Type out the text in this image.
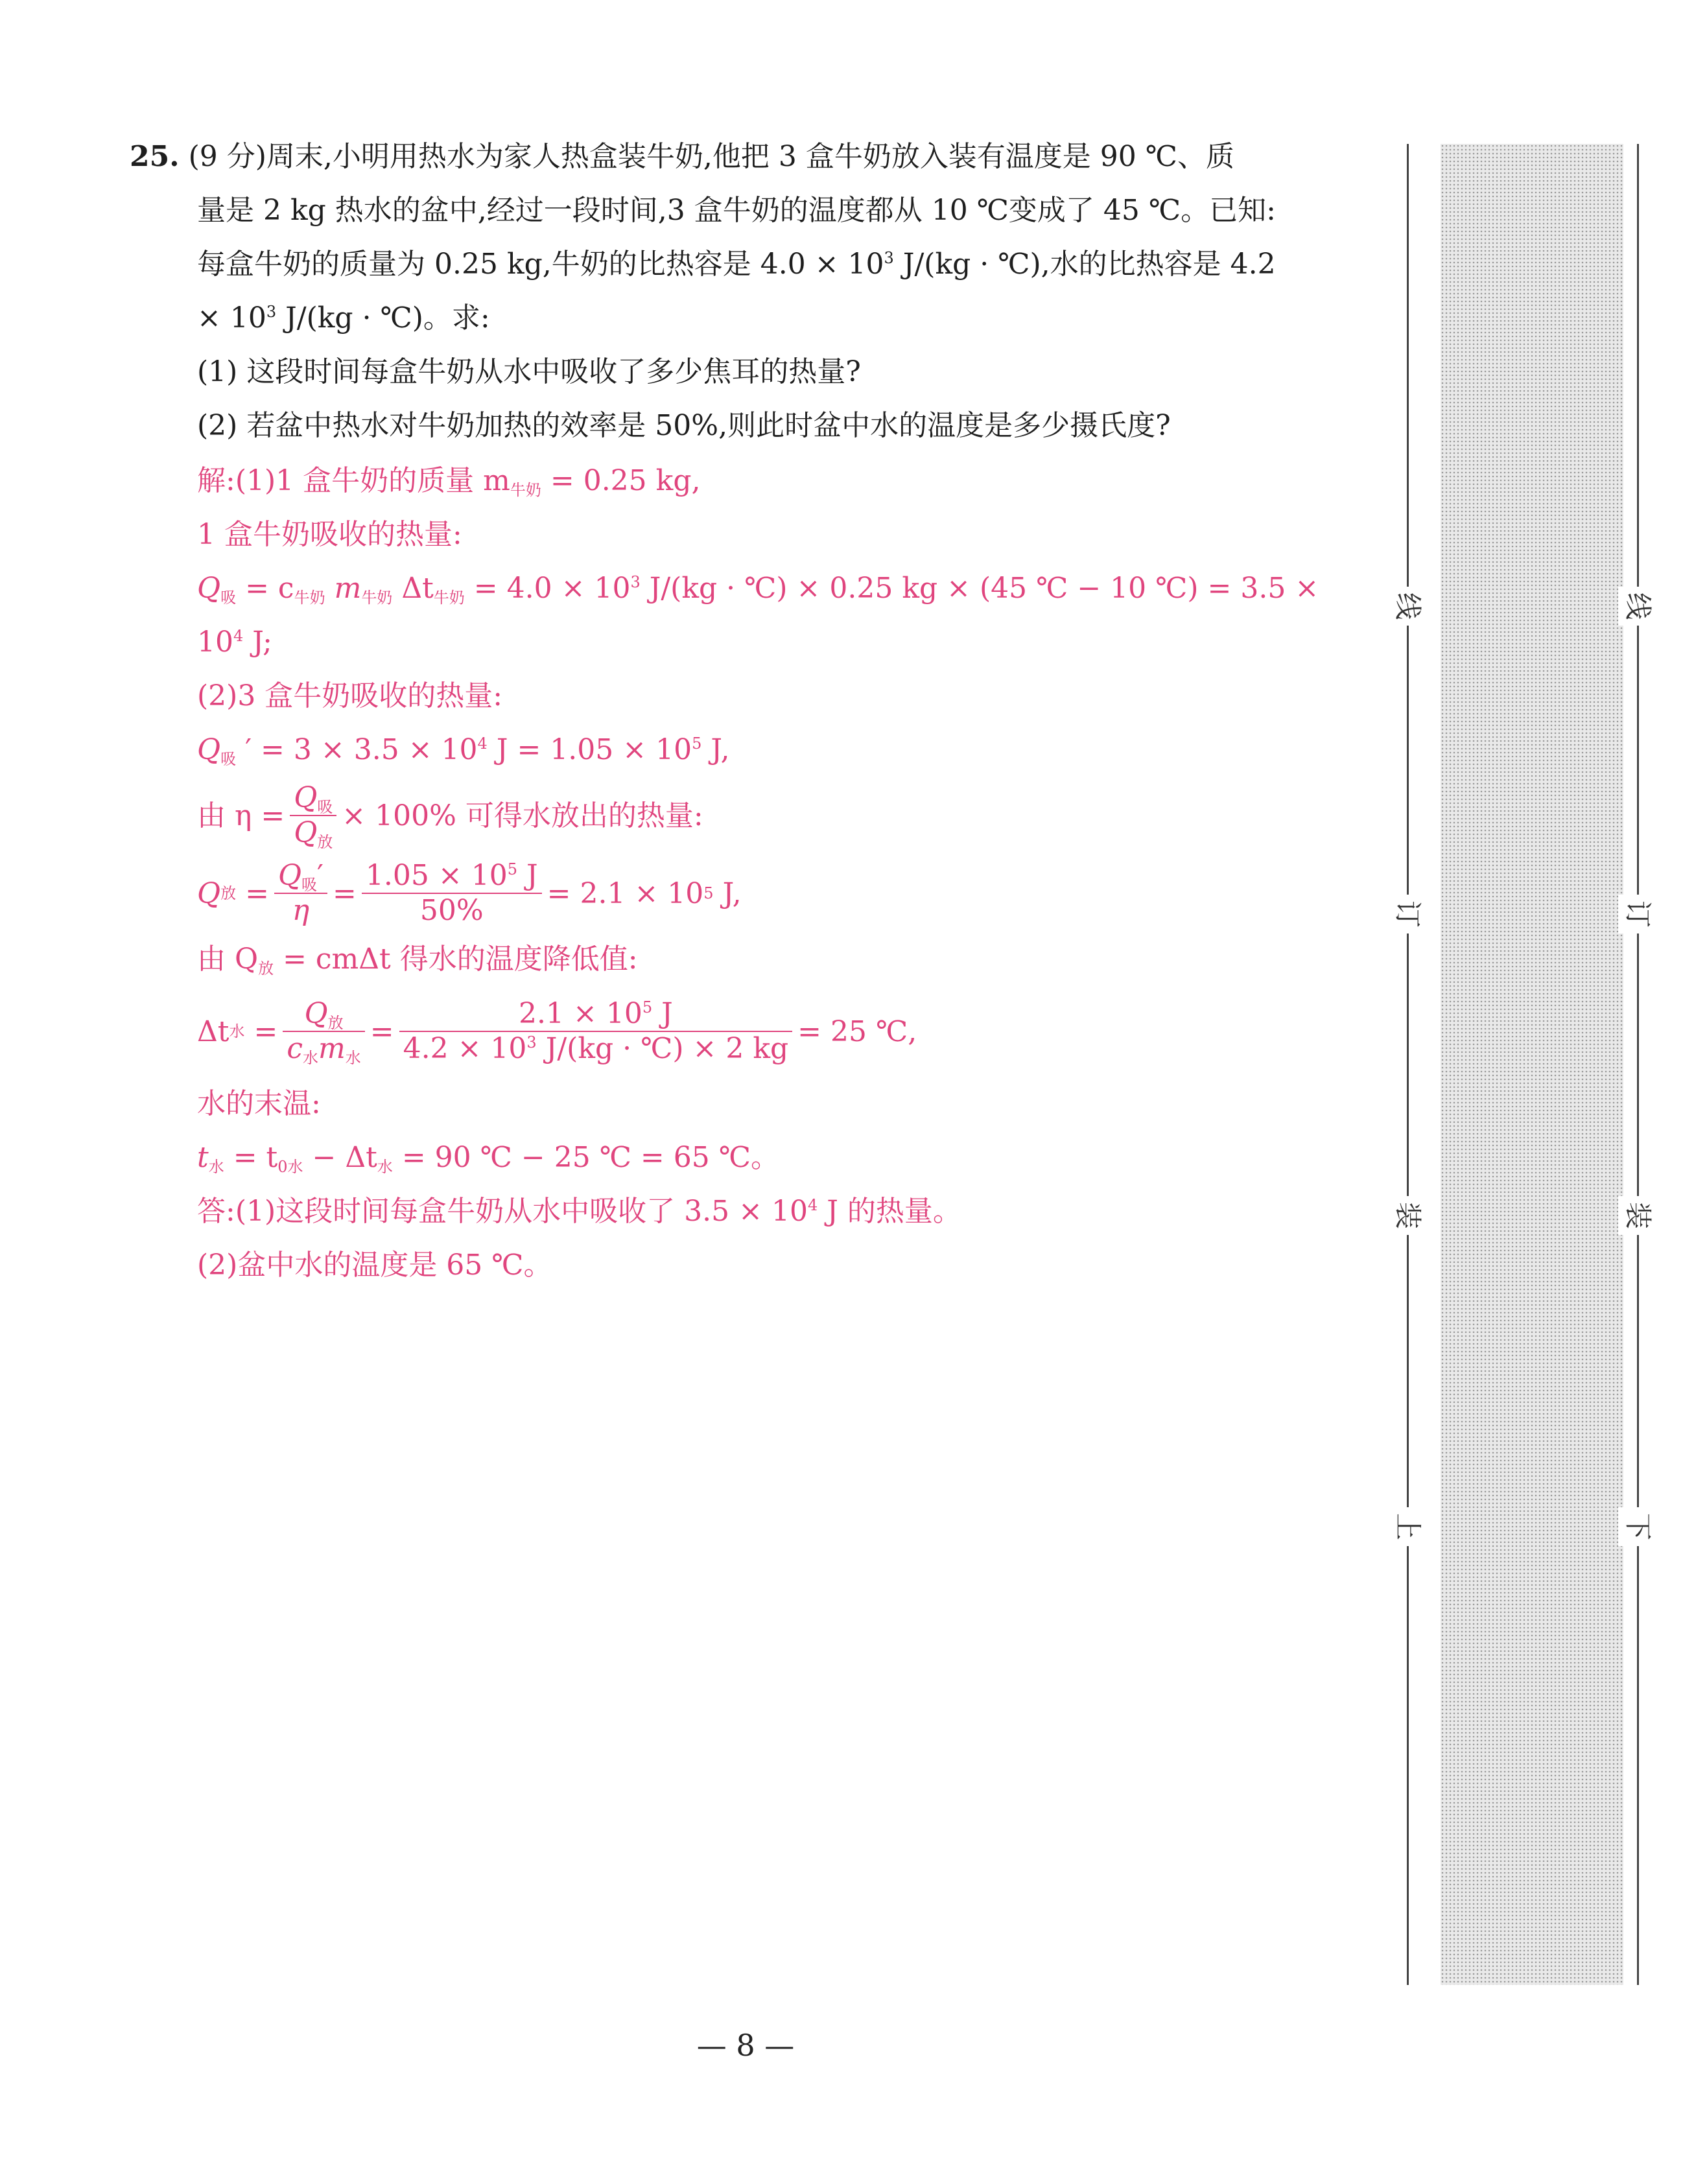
25. (9 分)周末,小明用热水为家人热盒装牛奶,他把 3 盒牛奶放入装有温度是 90 ℃、质
量是 2 kg 热水的盆中,经过一段时间,3 盒牛奶的温度都从 10 ℃变成了 45 ℃。已知:
每盒牛奶的质量为 0.25 kg,牛奶的比热容是 $4.0 \times 10^3$ J/(kg · ℃),水的比热容是 4.2
× $10^3$ J/(kg · ℃)。求:
(1) 这段时间每盒牛奶从水中吸收了多少焦耳的热量?
(2) 若盆中热水对牛奶加热的效率是 50%,则此时盆中水的温度是多少摄氏度?
解:(1)1 盒牛奶的质量 $m_{牛奶} = 0.25$ kg,
1 盒牛奶吸收的热量:
$Q_吸 = c_{牛奶}$ $m_{牛奶}$ $\Delta t_{牛奶} = 4.0 \times 10^3$ J/(kg · ℃) × 0.25 kg × (45 ℃ − 10 ℃) = 3.5 ×
$10^4$ J;
(2)3 盒牛奶吸收的热量:
$Q_吸$ ′ = $3 \times 3.5 \times 10^4$ $J = 1.05 \times 10^5$ J,
由 $\eta = \frac{Q_吸}{Q_放} \times 100\%$ 可得水放出的热量:
Q 放
= $\frac{Q_吸'}{\eta} = \frac{1.05 \times 10^5 J}{50\%} = 2.1 \times 10$ 5
J,
由 $Q_放 = cm\Delta t$ 得水的温度降低值:
Δt 水
= $\frac{Q_放}{c_水m_水} = \frac{2.1 \times 10^5 J}{4.2 \times 10^3 J/(kg \cdot ℃) \times 2 kg} = 25$ ℃,
水的末温:
$t_水 = t_{0水} - \Delta t_水 = 90$ ℃ − 25 ℃ = 65 ℃。
答:(1)这段时间每盒牛奶从水中吸收了 $3.5 \times 10^4$ J 的热量。
(2)盆中水的温度是 65 ℃。
线
订
装
上
线
订
装
下
— 8 —
